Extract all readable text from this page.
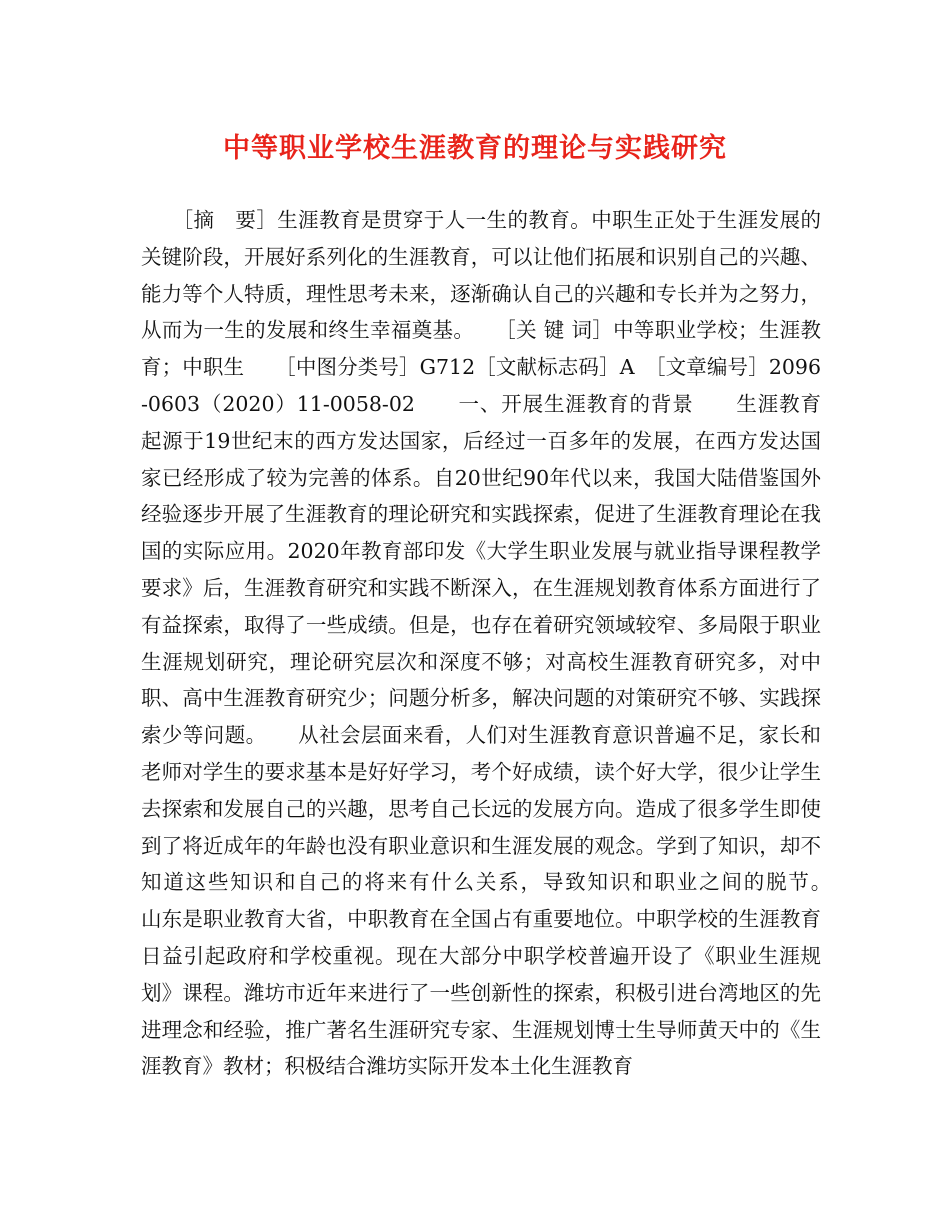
中等职业学校生涯教育的理论与实践研究

　　［摘　要］生涯教育是贯穿于人一生的教育。中职生正处于生涯发展的关键阶段，开展好系列化的生涯教育，可以让他们拓展和识别自己的兴趣、能力等个人特质，理性思考未来，逐渐确认自己的兴趣和专长并为之努力，从而为一生的发展和终生幸福奠基。　　［关 键 词］中等职业学校；生涯教育；中职生　　［中图分类号］G712［文献标志码］A　［文章编号］2096-0603（2020）11-0058-02　　一、开展生涯教育的背景　　生涯教育起源于19世纪末的西方发达国家，后经过一百多年的发展，在西方发达国家已经形成了较为完善的体系。自20世纪90年代以来，我国大陆借鉴国外经验逐步开展了生涯教育的理论研究和实践探索，促进了生涯教育理论在我国的实际应用。2020年教育部印发《大学生职业发展与就业指导课程教学要求》后，生涯教育研究和实践不断深入，在生涯规划教育体系方面进行了有益探索，取得了一些成绩。但是，也存在着研究领域较窄、多局限于职业生涯规划研究，理论研究层次和深度不够；对高校生涯教育研究多，对中职、高中生涯教育研究少；问题分析多，解决问题的对策研究不够、实践探索少等问题。　　从社会层面来看，人们对生涯教育意识普遍不足，家长和老师对学生的要求基本是好好学习，考个好成绩，读个好大学，很少让学生去探索和发展自己的兴趣，思考自己长远的发展方向。造成了很多学生即使到了将近成年的年龄也没有职业意识和生涯发展的观念。学到了知识，却不知道这些知识和自己的将来有什么关系，导致知识和职业之间的脱节。　　山东是职业教育大省，中职教育在全国占有重要地位。中职学校的生涯教育日益引起政府和学校重视。现在大部分中职学校普遍开设了《职业生涯规划》课程。潍坊市近年来进行了一些创新性的探索，积极引进台湾地区的先进理念和经验，推广著名生涯研究专家、生涯规划博士生导师黄天中的《生涯教育》教材；积极结合潍坊实际开发本土化生涯教育
